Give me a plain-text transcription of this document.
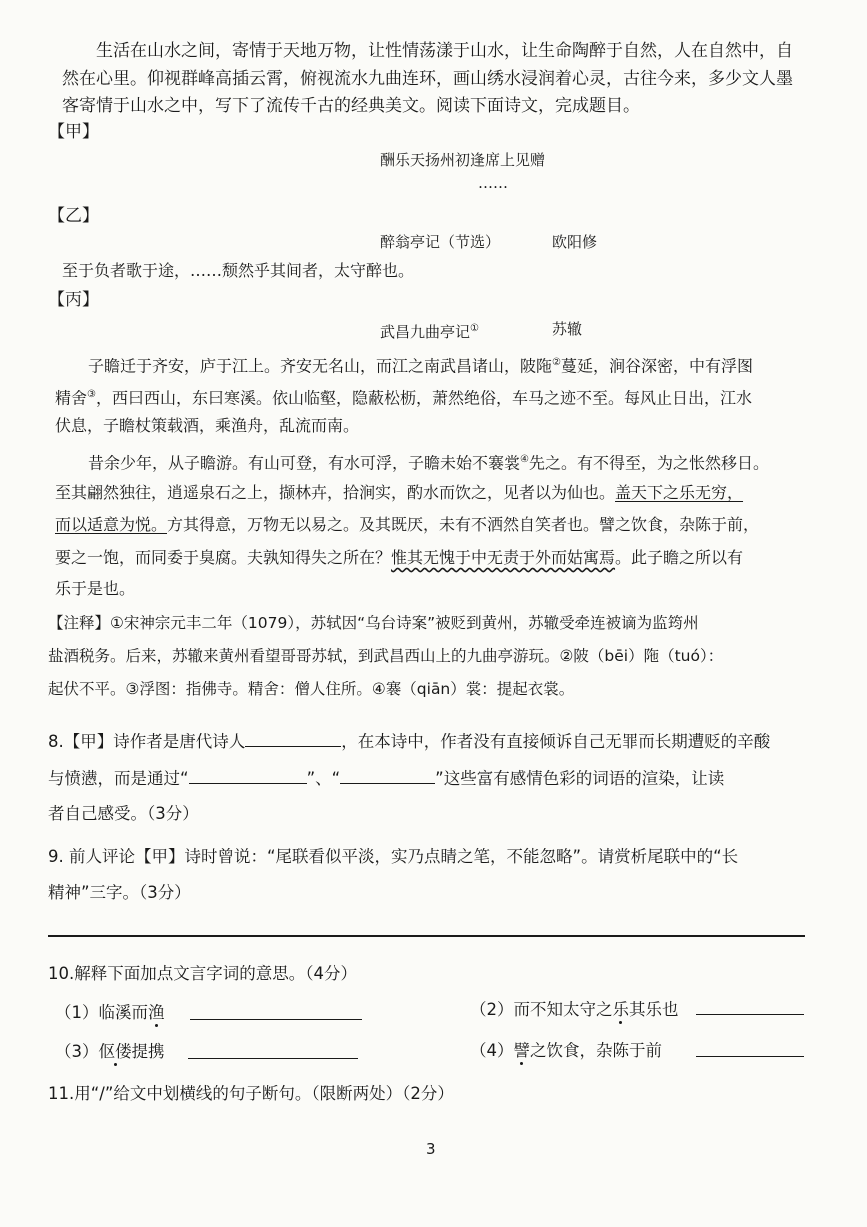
生活在山水之间，寄情于天地万物，让性情荡漾于山水，让生命陶醉于自然，人在自然中，自
然在心里。仰视群峰高插云霄，俯视流水九曲连环，画山绣水浸润着心灵，古往今来，多少文人墨
客寄情于山水之中，写下了流传千古的经典美文。阅读下面诗文，完成题目。
【甲】
酬乐天扬州初逢席上见赠
……
【乙】
醉翁亭记（节选）	欧阳修
至于负者歌于途，……颓然乎其间者，太守醉也。
【丙】
武昌九曲亭记①	苏辙
子瞻迁于齐安，庐于江上。齐安无名山，而江之南武昌诸山，陂陁②蔓延，涧谷深密，中有浮图
精舍③，西曰西山，东曰寒溪。依山临壑，隐蔽松枥，萧然绝俗，车马之迹不至。每风止日出，江水
伏息，子瞻杖策载酒，乘渔舟，乱流而南。
昔余少年，从子瞻游。有山可登，有水可浮，子瞻未始不褰裳④先之。有不得至，为之怅然移日。
至其翩然独往，逍遥泉石之上，撷林卉，拾涧实，酌水而饮之，见者以为仙也。盖天下之乐无穷，
而以适意为悦。方其得意，万物无以易之。及其既厌，未有不洒然自笑者也。譬之饮食，杂陈于前，
要之一饱，而同委于臭腐。夫孰知得失之所在？惟其无愧于中无责于外而姑寓焉。此子瞻之所以有
乐于是也。
【注释】①宋神宗元丰二年（1079），苏轼因“乌台诗案”被贬到黄州，苏辙受牵连被谪为监筠州
盐酒税务。后来，苏辙来黄州看望哥哥苏轼，到武昌西山上的九曲亭游玩。②陂（bēi）陁（tuó）：
起伏不平。③浮图：指佛寺。精舍：僧人住所。④褰（qiān）裳：提起衣裳。
8.【甲】诗作者是唐代诗人	，在本诗中，作者没有直接倾诉自己无罪而长期遭贬的辛酸
与愤懑，而是通过“	”、“	”这些富有感情色彩的词语的渲染，让读
者自己感受。（3分）
9. 前人评论【甲】诗时曾说：“尾联看似平淡，实乃点睛之笔，不能忽略”。请赏析尾联中的“长
精神”三字。（3分）
10.解释下面加点文言字词的意思。（4分）
（1）临溪而渔	（2）而不知太守之乐其乐也
（3）伛偻提携	（4）譬之饮食，杂陈于前
11.用“/”给文中划横线的句子断句。（限断两处）（2分）
3
